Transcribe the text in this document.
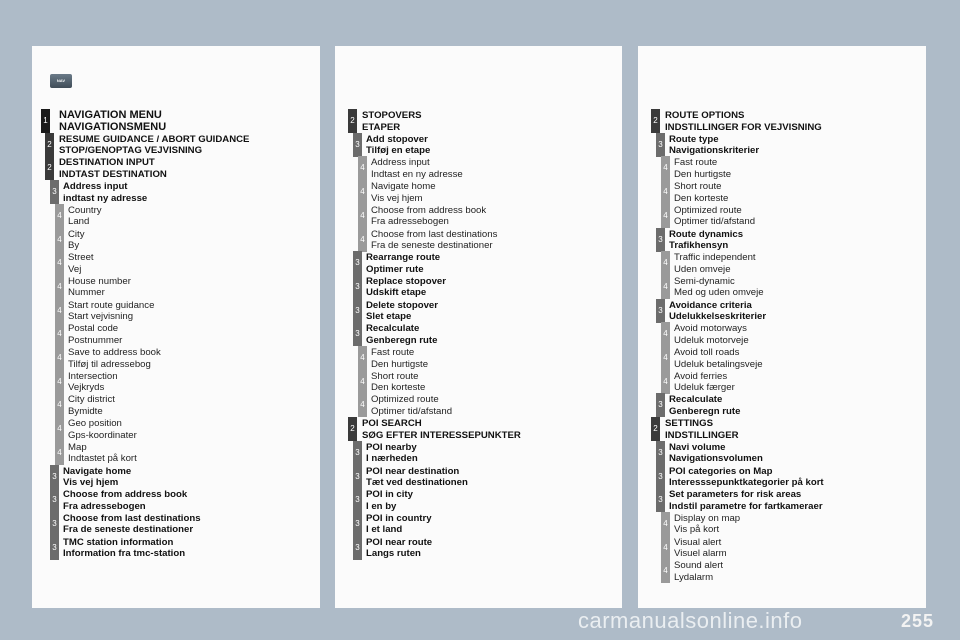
NAV
1 NAVIGATION MENU
NAVIGATIONSMENU
2 RESUME GUIDANCE / ABORT GUIDANCE
STOP/GENOPTAG VEJVISNING
2 DESTINATION INPUT
INDTAST DESTINATION
3 Address input
indtast ny adresse
4 Country
Land
4 City
By
4 Street
Vej
4 House number
Nummer
4 Start route guidance
Start vejvisning
4 Postal code
Postnummer
4 Save to address book
Tilføj til adressebog
4 Intersection
Vejkryds
4 City district
Bymidte
4 Geo position
Gps-koordinater
4 Map
Indtastet på kort
3 Navigate home
Vis vej hjem
3 Choose from address book
Fra adressebogen
3 Choose from last destinations
Fra de seneste destinationer
3 TMC station information
Information fra tmc-station
2 STOPOVERS
ETAPER
3 Add stopover
Tilføj en etape
4 Address input
Indtast en ny adresse
4 Navigate home
Vis vej hjem
4 Choose from address book
Fra adressebogen
4 Choose from last destinations
Fra de seneste destinationer
3 Rearrange route
Optimer rute
3 Replace stopover
Udskift etape
3 Delete stopover
Slet etape
3 Recalculate
Genberegn rute
4 Fast route
Den hurtigste
4 Short route
Den korteste
4 Optimized route
Optimer tid/afstand
2 POI SEARCH
SØG EFTER INTERESSEPUNKTER
3 POI nearby
I nærheden
3 POI near destination
Tæt ved destinationen
3 POI in city
I en by
3 POI in country
I et land
3 POI near route
Langs ruten
2 ROUTE OPTIONS
INDSTILLINGER FOR VEJVISNING
3 Route type
Navigationskriterier
4 Fast route
Den hurtigste
4 Short route
Den korteste
4 Optimized route
Optimer tid/afstand
3 Route dynamics
Trafikhensyn
4 Traffic independent
Uden omveje
4 Semi-dynamic
Med og uden omveje
3 Avoidance criteria
Udelukkelseskriterier
4 Avoid motorways
Udeluk motorveje
4 Avoid toll roads
Udeluk betalingsveje
4 Avoid ferries
Udeluk færger
3 Recalculate
Genberegn rute
2 SETTINGS
INDSTILLINGER
3 Navi volume
Navigationsvolumen
3 POI categories on Map
Interesssepunktkategorier på kort
3 Set parameters for risk areas
Indstil parametre for fartkameraer
4 Display on map
Vis på kort
4 Visual alert
Visuel alarm
4 Sound alert
Lydalarm
255
carmanualsonline.info
